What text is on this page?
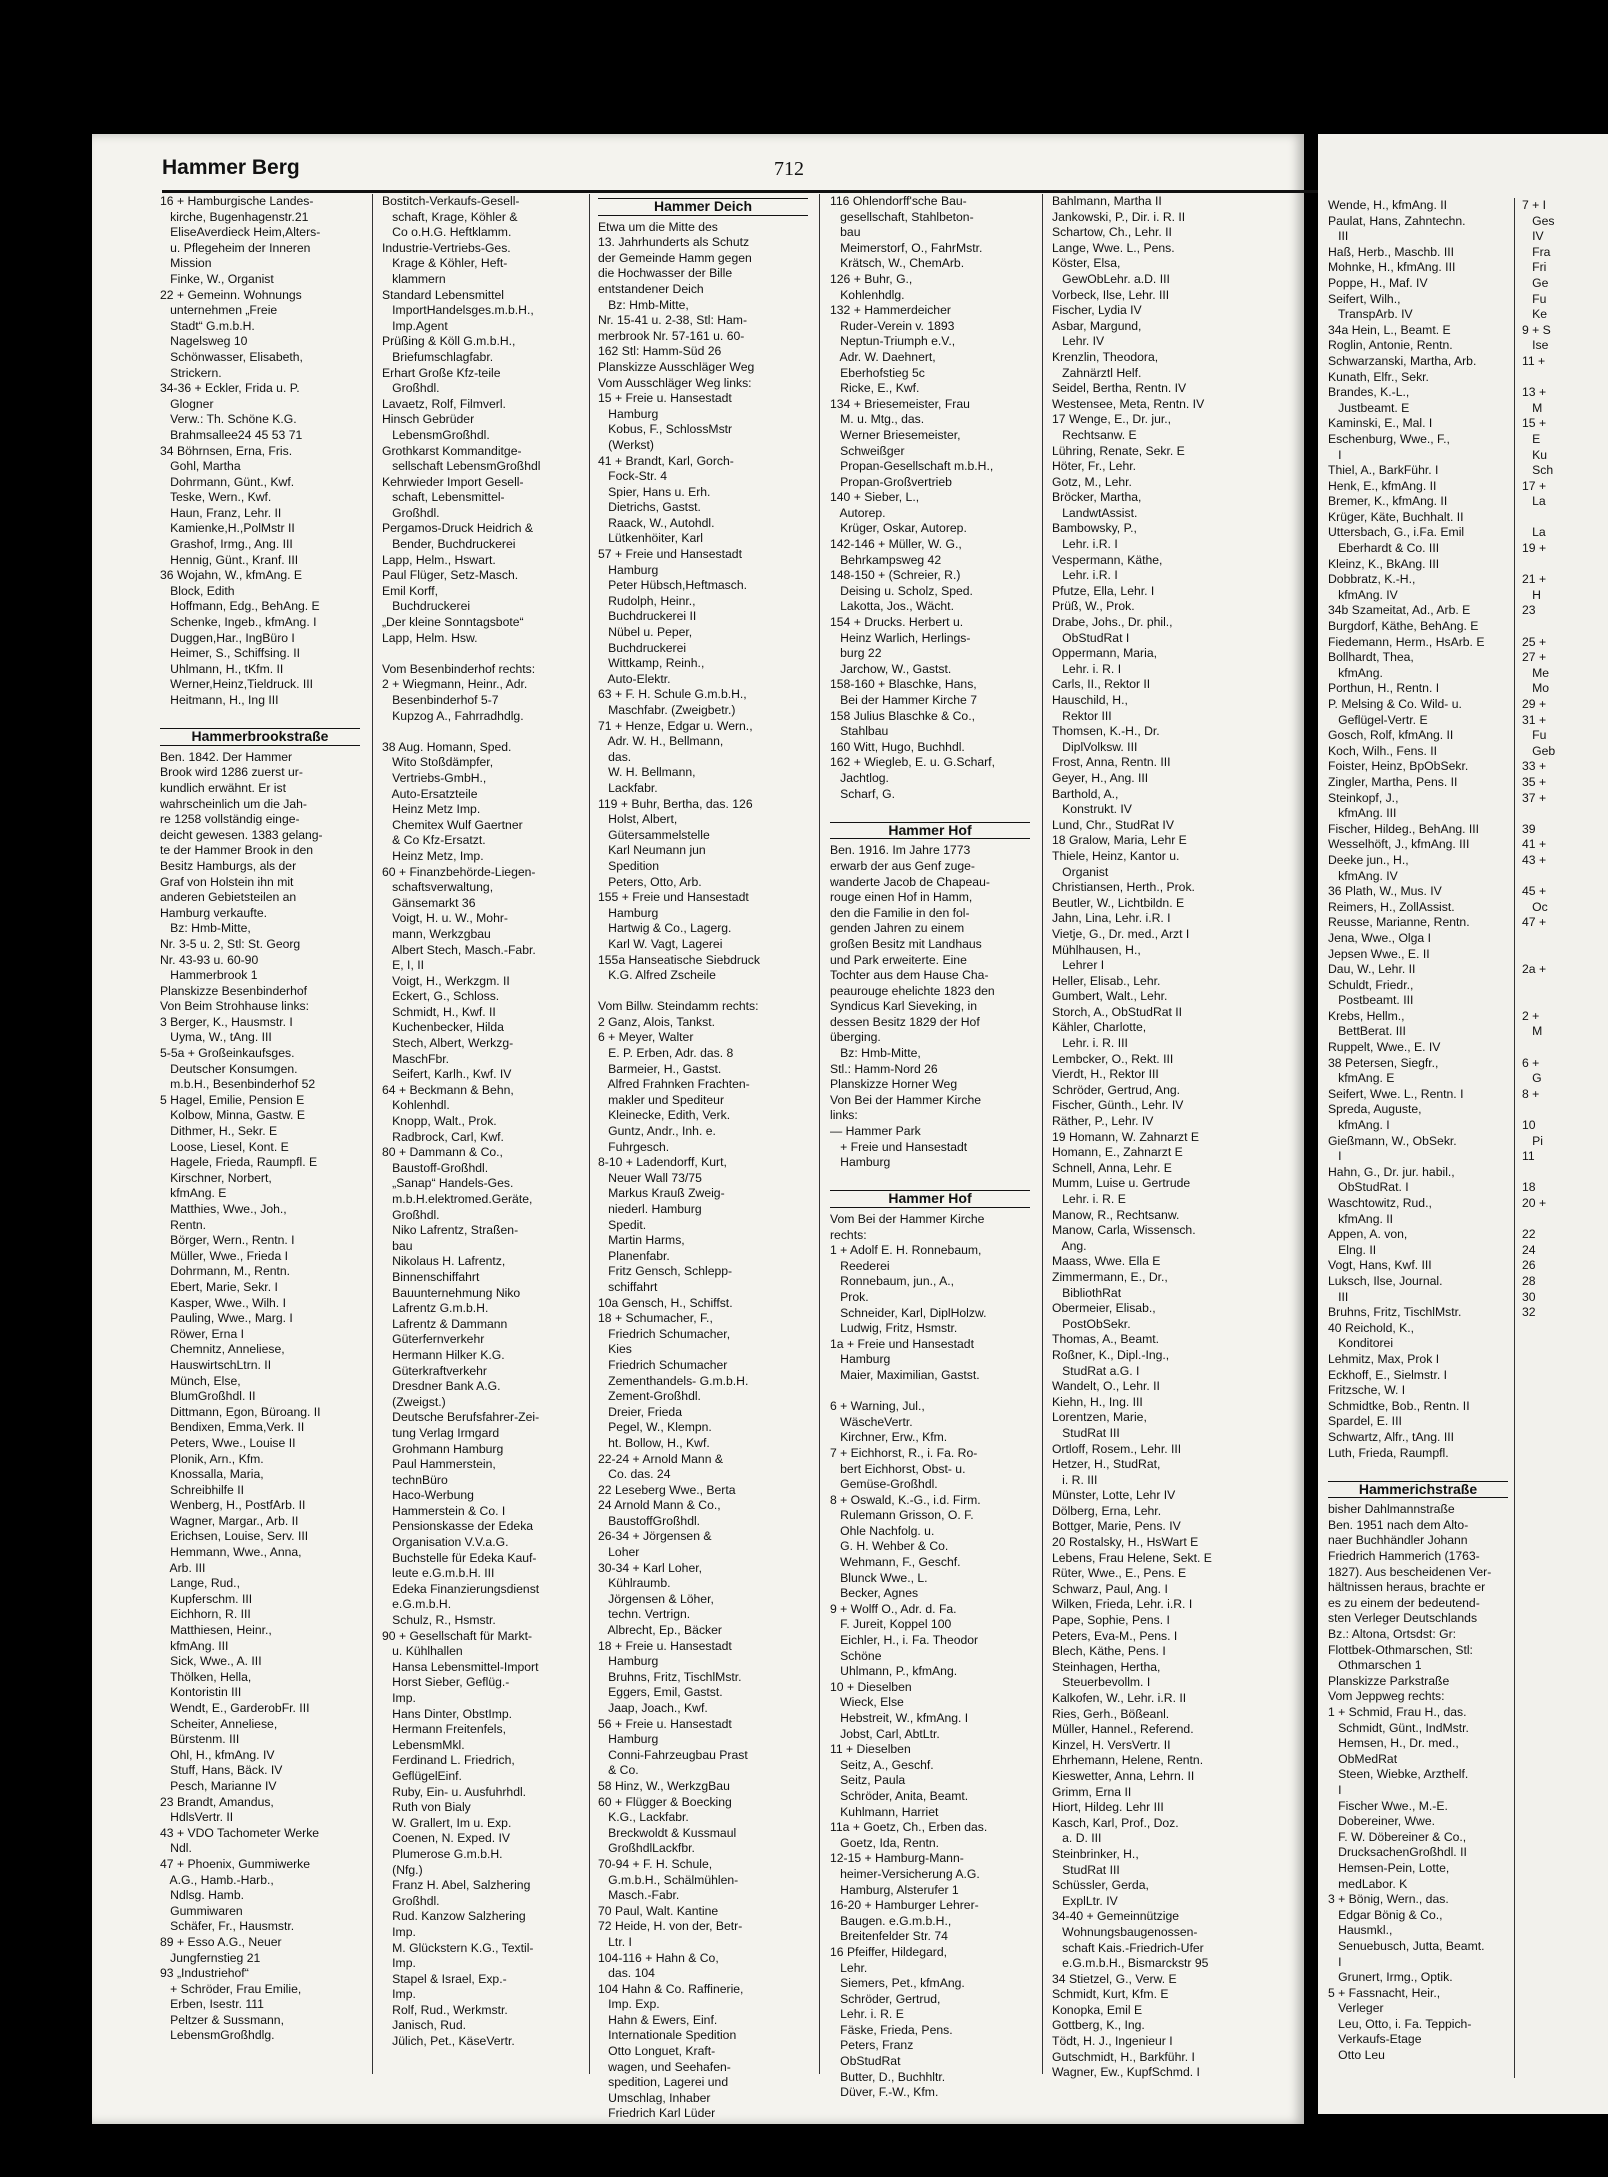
Hammer Berg	712
16 + Hamburgische Landes-
kirche, Bugenhagenstr.21
EliseAverdieck Heim,Alters-
u. Pflegeheim der Inneren
Mission
Finke, W., Organist
22 + Gemeinn. Wohnungs
unternehmen „Freie
Stadt“ G.m.b.H.
Nagelsweg 10
Schönwasser, Elisabeth,
Strickern.
34-36 + Eckler, Frida u. P.
Glogner
Verw.: Th. Schöne K.G.
Brahmsallee24 45 53 71
34 Böhrnsen, Erna, Fris.
Gohl, Martha
Dohrmann, Günt., Kwf.
Teske, Wern., Kwf.
Haun, Franz, Lehr. II
Kamienke,H.,PolMstr II
Grashof, Irmg., Ang. III
Hennig, Günt., Kranf. III
36 Wojahn, W., kfmAng. E
Block, Edith
Hoffmann, Edg., BehAng. E
Schenke, Ingeb., kfmAng. I
Duggen,Har., IngBüro I
Heimer, S., Schiffsing. II
Uhlmann, H., tKfm. II
Werner,Heinz,Tieldruck. III
Heitmann, H., Ing III

Hammerbrookstraße
Ben. 1842. Der Hammer
Brook wird 1286 zuerst ur-
kundlich erwähnt. Er ist
wahrscheinlich um die Jah-
re 1258 vollständig einge-
deicht gewesen. 1383 gelang-
te der Hammer Brook in den
Besitz Hamburgs, als der
Graf von Holstein ihn mit
anderen Gebietsteilen an
Hamburg verkaufte.
Bz: Hmb-Mitte,
Nr. 3-5 u. 2, Stl: St. Georg
Nr. 43-93 u. 60-90
Hammerbrook 1
Planskizze Besenbinderhof
Von Beim Strohhause links:
3 Berger, K., Hausmstr. I
Uyma, W., tAng. III
5-5a + Großeinkaufsges.
Deutscher Konsumgen.
m.b.H., Besenbinderhof 52
5 Hagel, Emilie, Pension E
Kolbow, Minna, Gastw. E
Dithmer, H., Sekr. E
Loose, Liesel, Kont. E
Hagele, Frieda, Raumpfl. E
Kirschner, Norbert,
kfmAng. E
Matthies, Wwe., Joh.,
Rentn.
Börger, Wern., Rentn. I
Müller, Wwe., Frieda I
Dohrmann, M., Rentn.
Ebert, Marie, Sekr. I
Kasper, Wwe., Wilh. I
Pauling, Wwe., Marg. I
Röwer, Erna I
Chemnitz, Anneliese,
HauswirtschLtrn. II
Münch, Else,
BlumGroßhdl. II
Dittmann, Egon, Büroang. II
Bendixen, Emma,Verk. II
Peters, Wwe., Louise II
Plonik, Arn., Kfm.
Knossalla, Maria,
Schreibhilfe II
Wenberg, H., PostfArb. II
Wagner, Margar., Arb. II
Erichsen, Louise, Serv. III
Hemmann, Wwe., Anna,
Arb. III
Lange, Rud.,
Kupferschm. III
Eichhorn, R. III
Matthiesen, Heinr.,
kfmAng. III
Sick, Wwe., A. III
Thölken, Hella,
Kontoristin III
Wendt, E., GarderobFr. III
Scheiter, Anneliese,
Bürstenm. III
Ohl, H., kfmAng. IV
Stuff, Hans, Bäck. IV
Pesch, Marianne IV
23 Brandt, Amandus,
HdlsVertr. II
43 + VDO Tachometer Werke
Ndl.
47 + Phoenix, Gummiwerke
A.G., Hamb.-Harb.,
Ndlsg. Hamb.
Gummiwaren
Schäfer, Fr., Hausmstr.
89 + Esso A.G., Neuer
Jungfernstieg 21
93 „Industriehof“
+ Schröder, Frau Emilie,
Erben, Isestr. 111
Peltzer & Sussmann,
LebensmGroßhdlg.
Bostitch-Verkaufs-Gesell-
schaft, Krage, Köhler &
Co o.H.G. Heftklamm.
Industrie-Vertriebs-Ges.
Krage & Köhler, Heft-
klammern
Standard Lebensmittel
ImportHandelsges.m.b.H.,
Imp.Agent
Prüßing & Köll G.m.b.H.,
Briefumschlagfabr.
Erhart Große Kfz-teile
Großhdl.
Lavaetz, Rolf, Filmverl.
Hinsch Gebrüder
LebensmGroßhdl.
Grothkarst Kommanditge-
sellschaft LebensmGroßhdl
Kehrwieder Import Gesell-
schaft, Lebensmittel-
Großhdl.
Pergamos-Druck Heidrich &
Bender, Buchdruckerei
Lapp, Helm., Hswart.
Paul Flüger, Setz-Masch.
Emil Korff,
Buchdruckerei
„Der kleine Sonntagsbote“
Lapp, Helm. Hsw.

Vom Besenbinderhof rechts:
2 + Wiegmann, Heinr., Adr.
Besenbinderhof 5-7
Kupzog A., Fahrradhdlg.

38 Aug. Homann, Sped.
Wito Stoßdämpfer,
Vertriebs-GmbH.,
Auto-Ersatzteile
Heinz Metz Imp.
Chemitex Wulf Gaertner
& Co Kfz-Ersatzt.
Heinz Metz, Imp.
60 + Finanzbehörde-Liegen-
schaftsverwaltung,
Gänsemarkt 36
Voigt, H. u. W., Mohr-
mann, Werkzgbau
Albert Stech, Masch.-Fabr.
E, I, II
Voigt, H., Werkzgm. II
Eckert, G., Schloss.
Schmidt, H., Kwf. II
Kuchenbecker, Hilda
Stech, Albert, Werkzg-
MaschFbr.
Seifert, Karlh., Kwf. IV
64 + Beckmann & Behn,
Kohlenhdl.
Knopp, Walt., Prok.
Radbrock, Carl, Kwf.
80 + Dammann & Co.,
Baustoff-Großhdl.
„Sanap“ Handels-Ges.
m.b.H.elektromed.Geräte,
Großhdl.
Niko Lafrentz, Straßen-
bau
Nikolaus H. Lafrentz,
Binnenschiffahrt
Bauunternehmung Niko
Lafrentz G.m.b.H.
Lafrentz & Dammann
Güterfernverkehr
Hermann Hilker K.G.
Güterkraftverkehr
Dresdner Bank A.G.
(Zweigst.)
Deutsche Berufsfahrer-Zei-
tung Verlag Irmgard
Grohmann Hamburg
Paul Hammerstein,
technBüro
Haco-Werbung
Hammerstein & Co. I
Pensionskasse der Edeka
Organisation V.V.a.G.
Buchstelle für Edeka Kauf-
leute e.G.m.b.H. III
Edeka Finanzierungsdienst
e.G.m.b.H.
Schulz, R., Hsmstr.
90 + Gesellschaft für Markt-
u. Kühlhallen
Hansa Lebensmittel-Import
Horst Sieber, Geflüg.-
Imp.
Hans Dinter, ObstImp.
Hermann Freitenfels,
LebensmMkl.
Ferdinand L. Friedrich,
GeflügelEinf.
Ruby, Ein- u. Ausfuhrhdl.
Ruth von Bialy
W. Grallert, Im u. Exp.
Coenen, N. Exped. IV
Plumerose G.m.b.H.
(Nfg.)
Franz H. Abel, Salzhering
Großhdl.
Rud. Kanzow Salzhering
Imp.
M. Glückstern K.G., Textil-
Imp.
Stapel & Israel, Exp.-
Imp.
Rolf, Rud., Werkmstr.
Janisch, Rud.
Jülich, Pet., KäseVertr.
Hammer Deich
Etwa um die Mitte des
13. Jahrhunderts als Schutz
der Gemeinde Hamm gegen
die Hochwasser der Bille
entstandener Deich
Bz: Hmb-Mitte,
Nr. 15-41 u. 2-38, Stl: Ham-
merbrook Nr. 57-161 u. 60-
162 Stl: Hamm-Süd 26
Planskizze Ausschläger Weg
Vom Ausschläger Weg links:
15 + Freie u. Hansestadt
Hamburg
Kobus, F., SchlossMstr
(Werkst)
41 + Brandt, Karl, Gorch-
Fock-Str. 4
Spier, Hans u. Erh.
Dietrichs, Gastst.
Raack, W., Autohdl.
Lütkenhöiter, Karl
57 + Freie und Hansestadt
Hamburg
Peter Hübsch,Heftmasch.
Rudolph, Heinr.,
Buchdruckerei II
Nübel u. Peper,
Buchdruckerei
Wittkamp, Reinh.,
Auto-Elektr.
63 + F. H. Schule G.m.b.H.,
Maschfabr. (Zweigbetr.)
71 + Henze, Edgar u. Wern.,
Adr. W. H., Bellmann,
das.
W. H. Bellmann,
Lackfabr.
119 + Buhr, Bertha, das. 126
Holst, Albert,
Gütersammelstelle
Karl Neumann jun
Spedition
Peters, Otto, Arb.
155 + Freie und Hansestadt
Hamburg
Hartwig & Co., Lagerg.
Karl W. Vagt, Lagerei
155a Hanseatische Siebdruck
K.G. Alfred Zscheile

Vom Billw. Steindamm rechts:
2 Ganz, Alois, Tankst.
6 + Meyer, Walter
E. P. Erben, Adr. das. 8
Barmeier, H., Gastst.
Alfred Frahnken Frachten-
makler und Spediteur
Kleinecke, Edith, Verk.
Guntz, Andr., Inh. e.
Fuhrgesch.
8-10 + Ladendorff, Kurt,
Neuer Wall 73/75
Markus Krauß Zweig-
niederl. Hamburg
Spedit.
Martin Harms,
Planenfabr.
Fritz Gensch, Schlepp-
schiffahrt
10a Gensch, H., Schiffst.
18 + Schumacher, F.,
Friedrich Schumacher,
Kies
Friedrich Schumacher
Zementhandels- G.m.b.H.
Zement-Großhdl.
Dreier, Frieda
Pegel, W., Klempn.
ht. Bollow, H., Kwf.
22-24 + Arnold Mann &
Co. das. 24
22 Leseberg Wwe., Berta
24 Arnold Mann & Co.,
BaustoffGroßhdl.
26-34 + Jörgensen &
Loher
30-34 + Karl Loher,
Kühlraumb.
Jörgensen & Löher,
techn. Vertrign.
Albrecht, Ep., Bäcker
18 + Freie u. Hansestadt
Hamburg
Bruhns, Fritz, TischlMstr.
Eggers, Emil, Gastst.
Jaap, Joach., Kwf.
56 + Freie u. Hansestadt
Hamburg
Conni-Fahrzeugbau Prast
& Co.
58 Hinz, W., WerkzgBau
60 + Flügger & Boecking
K.G., Lackfabr.
Breckwoldt & Kussmaul
GroßhdlLackfbr.
70-94 + F. H. Schule,
G.m.b.H., Schälmühlen-
Masch.-Fabr.
70 Paul, Walt. Kantine
72 Heide, H. von der, Betr-
Ltr. I
104-116 + Hahn & Co,
das. 104
104 Hahn & Co. Raffinerie,
Imp. Exp.
Hahn & Ewers, Einf.
Internationale Spedition
Otto Longuet, Kraft-
wagen, und Seehafen-
spedition, Lagerei und
Umschlag, Inhaber
Friedrich Karl Lüder
116 Ohlendorff'sche Bau-
gesellschaft, Stahlbeton-
bau
Meimerstorf, O., FahrMstr.
Krätsch, W., ChemArb.
126 + Buhr, G.,
Kohlenhdlg.
132 + Hammerdeicher
Ruder-Verein v. 1893
Neptun-Triumph e.V.,
Adr. W. Daehnert,
Eberhofstieg 5c
Ricke, E., Kwf.
134 + Briesemeister, Frau
M. u. Mtg., das.
Werner Briesemeister,
Schweißger
Propan-Gesellschaft m.b.H.,
Propan-Großvertrieb
140 + Sieber, L.,
Autorep.
Krüger, Oskar, Autorep.
142-146 + Müller, W. G.,
Behrkampsweg 42
148-150 + (Schreier, R.)
Deising u. Scholz, Sped.
Lakotta, Jos., Wächt.
154 + Drucks. Herbert u.
Heinz Warlich, Herlings-
burg 22
Jarchow, W., Gastst.
158-160 + Blaschke, Hans,
Bei der Hammer Kirche 7
158 Julius Blaschke & Co.,
Stahlbau
160 Witt, Hugo, Buchhdl.
162 + Wiegleb, E. u. G.Scharf,
Jachtlog.
Scharf, G.

Hammer Hof
Ben. 1916. Im Jahre 1773
erwarb der aus Genf zuge-
wanderte Jacob de Chapeau-
rouge einen Hof in Hamm,
den die Familie in den fol-
genden Jahren zu einem
großen Besitz mit Landhaus
und Park erweiterte. Eine
Tochter aus dem Hause Cha-
peaurouge ehelichte 1823 den
Syndicus Karl Sieveking, in
dessen Besitz 1829 der Hof
überging.
Bz: Hmb-Mitte,
Stl.: Hamm-Nord 26
Planskizze Horner Weg
Von Bei der Hammer Kirche
links:
— Hammer Park
+ Freie und Hansestadt
Hamburg

Hammer Hof
Vom Bei der Hammer Kirche
rechts:
1 + Adolf E. H. Ronnebaum,
Reederei
Ronnebaum, jun., A.,
Prok.
Schneider, Karl, DiplHolzw.
Ludwig, Fritz, Hsmstr.
1a + Freie und Hansestadt
Hamburg
Maier, Maximilian, Gastst.

6 + Warning, Jul.,
WäscheVertr.
Kirchner, Erw., Kfm.
7 + Eichhorst, R., i. Fa. Ro-
bert Eichhorst, Obst- u.
Gemüse-Großhdl.
8 + Oswald, K.-G., i.d. Firm.
Rulemann Grisson, O. F.
Ohle Nachfolg. u.
G. H. Wehber & Co.
Wehmann, F., Geschf.
Blunck Wwe., L.
Becker, Agnes
9 + Wolff O., Adr. d. Fa.
F. Jureit, Koppel 100
Eichler, H., i. Fa. Theodor
Schöne
Uhlmann, P., kfmAng.
10 + Dieselben
Wieck, Else
Hebstreit, W., kfmAng. I
Jobst, Carl, AbtLtr.
11 + Dieselben
Seitz, A., Geschf.
Seitz, Paula
Schröder, Anita, Beamt.
Kuhlmann, Harriet
11a + Goetz, Ch., Erben das.
Goetz, Ida, Rentn.
12-15 + Hamburg-Mann-
heimer-Versicherung A.G.
Hamburg, Alsterufer 1
16-20 + Hamburger Lehrer-
Baugen. e.G.m.b.H.,
Breitenfelder Str. 74
16 Pfeiffer, Hildegard,
Lehr.
Siemers, Pet., kfmAng.
Schröder, Gertrud,
Lehr. i. R. E
Fäske, Frieda, Pens.
Peters, Franz
ObStudRat
Butter, D., Buchhltr.
Düver, F.-W., Kfm.
Bahlmann, Martha II
Jankowski, P., Dir. i. R. II
Schartow, Ch., Lehr. II
Lange, Wwe. L., Pens.
Köster, Elsa,
GewObLehr. a.D. III
Vorbeck, Ilse, Lehr. III
Fischer, Lydia IV
Asbar, Margund,
Lehr. IV
Krenzlin, Theodora,
Zahnärztl Helf.
Seidel, Bertha, Rentn. IV
Westensee, Meta, Rentn. IV
17 Wenge, E., Dr. jur.,
Rechtsanw. E
Lühring, Renate, Sekr. E
Höter, Fr., Lehr.
Gotz, M., Lehr.
Bröcker, Martha,
LandwtAssist.
Bambowsky, P.,
Lehr. i.R. I
Vespermann, Käthe,
Lehr. i.R. I
Pfutze, Ella, Lehr. I
Prüß, W., Prok.
Drabe, Johs., Dr. phil.,
ObStudRat I
Oppermann, Maria,
Lehr. i. R. I
Carls, II., Rektor II
Hauschild, H.,
Rektor III
Thomsen, K.-H., Dr.
DiplVolksw. III
Frost, Anna, Rentn. III
Geyer, H., Ang. III
Barthold, A.,
Konstrukt. IV
Lund, Chr., StudRat IV
18 Gralow, Maria, Lehr E
Thiele, Heinz, Kantor u.
Organist
Christiansen, Herth., Prok.
Beutler, W., Lichtbildn. E
Jahn, Lina, Lehr. i.R. I
Vietje, G., Dr. med., Arzt I
Mühlhausen, H.,
Lehrer I
Heller, Elisab., Lehr.
Gumbert, Walt., Lehr.
Storch, A., ObStudRat II
Kähler, Charlotte,
Lehr. i. R. III
Lembcker, O., Rekt. III
Vierdt, H., Rektor III
Schröder, Gertrud, Ang.
Fischer, Günth., Lehr. IV
Räther, P., Lehr. IV
19 Homann, W. Zahnarzt E
Homann, E., Zahnarzt E
Schnell, Anna, Lehr. E
Mumm, Luise u. Gertrude
Lehr. i. R. E
Manow, R., Rechtsanw.
Manow, Carla, Wissensch.
Ang.
Maass, Wwe. Ella E
Zimmermann, E., Dr.,
BibliothRat
Obermeier, Elisab.,
PostObSekr.
Thomas, A., Beamt.
Roßner, K., Dipl.-Ing.,
StudRat a.G. I
Wandelt, O., Lehr. II
Kiehn, H., Ing. III
Lorentzen, Marie,
StudRat III
Ortloff, Rosem., Lehr. III
Hetzer, H., StudRat,
i. R. III
Münster, Lotte, Lehr IV
Dölberg, Erna, Lehr.
Bottger, Marie, Pens. IV
20 Rostalsky, H., HsWart E
Lebens, Frau Helene, Sekt. E
Rüter, Wwe., E., Pens. E
Schwarz, Paul, Ang. I
Wilken, Frieda, Lehr. i.R. I
Pape, Sophie, Pens. I
Peters, Eva-M., Pens. I
Blech, Käthe, Pens. I
Steinhagen, Hertha,
Steuerbevollm. I
Kalkofen, W., Lehr. i.R. II
Ries, Gerh., Bößeanl.
Müller, Hannel., Referend.
Kinzel, H. VersVertr. II
Ehrhemann, Helene, Rentn.
Kieswetter, Anna, Lehrn. II
Grimm, Erna II
Hiort, Hildeg. Lehr III
Kasch, Karl, Prof., Doz.
a. D. III
Steinbrinker, H.,
StudRat III
Schüssler, Gerda,
ExplLtr. IV
34-40 + Gemeinnützige
Wohnungsbaugenossen-
schaft Kais.-Friedrich-Ufer
e.G.m.b.H., Bismarckstr 95
34 Stietzel, G., Verw. E
Schmidt, Kurt, Kfm. E
Konopka, Emil E
Gottberg, K., Ing.
Tödt, H. J., Ingenieur I
Gutschmidt, H., Barkführ. I
Wagner, Ew., KupfSchmd. I
Wende, H., kfmAng. II
Paulat, Hans, Zahntechn.
III
Haß, Herb., Maschb. III
Mohnke, H., kfmAng. III
Poppe, H., Maf. IV
Seifert, Wilh.,
TranspArb. IV
34a Hein, L., Beamt. E
Roglin, Antonie, Rentn.
Schwarzanski, Martha, Arb.
Kunath, Elfr., Sekr.
Brandes, K.-L.,
Justbeamt. E
Kaminski, E., Mal. I
Eschenburg, Wwe., F.,
I
Thiel, A., BarkFühr. I
Henk, E., kfmAng. II
Bremer, K., kfmAng. II
Krüger, Käte, Buchhalt. II
Uttersbach, G., i.Fa. Emil
Eberhardt & Co. III
Kleinz, K., BkAng. III
Dobbratz, K.-H.,
kfmAng. IV
34b Szameitat, Ad., Arb. E
Burgdorf, Käthe, BehAng. E
Fiedemann, Herm., HsArb. E
Bollhardt, Thea,
kfmAng.
Porthun, H., Rentn. I
P. Melsing & Co. Wild- u.
Geflügel-Vertr. E
Gosch, Rolf, kfmAng. II
Koch, Wilh., Fens. II
Foister, Heinz, BpObSekr.
Zingler, Martha, Pens. II
Steinkopf, J.,
kfmAng. III
Fischer, Hildeg., BehAng. III
Wesselhöft, J., kfmAng. III
Deeke jun., H.,
kfmAng. IV
36 Plath, W., Mus. IV
Reimers, H., ZollAssist.
Reusse, Marianne, Rentn.
Jena, Wwe., Olga I
Jepsen Wwe., E. II
Dau, W., Lehr. II
Schuldt, Friedr.,
Postbeamt. III
Krebs, Hellm.,
BettBerat. III
Ruppelt, Wwe., E. IV
38 Petersen, Siegfr.,
kfmAng. E
Seifert, Wwe. L., Rentn. I
Spreda, Auguste,
kfmAng. I
Gießmann, W., ObSekr.
I
Hahn, G., Dr. jur. habil.,
ObStudRat. I
Waschtowitz, Rud.,
kfmAng. II
Appen, A. von,
Elng. II
Vogt, Hans, Kwf. III
Luksch, Ilse, Journal.
III
Bruhns, Fritz, TischlMstr.
40 Reichold, K.,
Konditorei
Lehmitz, Max, Prok I
Eckhoff, E., Sielmstr. I
Fritzsche, W. I
Schmidtke, Bob., Rentn. II
Spardel, E. III
Schwartz, Alfr., tAng. III
Luth, Frieda, Raumpfl.

Hammerichstraße
bisher Dahlmannstraße
Ben. 1951 nach dem Alto-
naer Buchhändler Johann
Friedrich Hammerich (1763-
1827). Aus bescheidenen Ver-
hältnissen heraus, brachte er
es zu einem der bedeutend-
sten Verleger Deutschlands
Bz.: Altona, Ortsdst: Gr:
Flottbek-Othmarschen, Stl:
Othmarschen 1
Planskizze Parkstraße
Vom Jeppweg rechts:
1 + Schmid, Frau H., das.
Schmidt, Günt., IndMstr.
Hemsen, H., Dr. med.,
ObMedRat
Steen, Wiebke, Arzthelf.
I
Fischer Wwe., M.-E.
Dobereiner, Wwe.
F. W. Döbereiner & Co.,
DrucksachenGroßhdl. II
Hemsen-Pein, Lotte,
medLabor. K
3 + Bönig, Wern., das.
Edgar Bönig & Co.,
Hausmkl.,
Senuebusch, Jutta, Beamt.
I
Grunert, Irmg., Optik.
5 + Fassnacht, Heir.,
Verleger
Leu, Otto, i. Fa. Teppich-
Verkaufs-Etage
Otto Leu
7 + I
Ges
IV
Fra
Fri
Ge
Fu
Ke
9 + S
Ise
11 +

13 +
M
15 +
E
Ku
Sch
17 +
La

La
19 +

21 +
H
23

25 +
27 +
Me
Mo
29 +
31 +
Fu
Geb
33 +
35 +
37 +

39
41 +
43 +

45 +
Oc
47 +

2a +

2 +
M

6 +
G
8 +

10
Pi
11

18
20 +

22
24
26
28
30
32
